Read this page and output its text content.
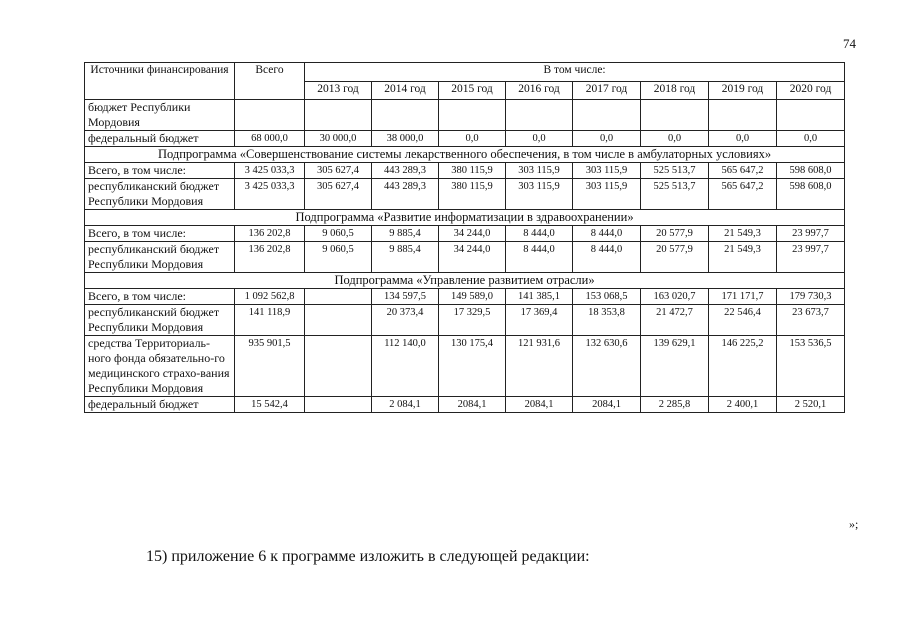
74
Источники финансирования	Всего	В том числе:							
		2013 год	2014 год	2015 год	2016 год	2017 год	2018 год	2019 год	2020 год
бюджет Республики Мордовия									
федеральный бюджет	68 000,0	30 000,0	38 000,0	0,0	0,0	0,0	0,0	0,0	0,0
Подпрограмма «Совершенствование системы лекарственного обеспечения, в том числе в амбулаторных условиях»									
Всего, в том числе:	3 425 033,3	305 627,4	443 289,3	380 115,9	303 115,9	303 115,9	525 513,7	565 647,2	598 608,0
республиканский бюджет Республики Мордовия	3 425 033,3	305 627,4	443 289,3	380 115,9	303 115,9	303 115,9	525 513,7	565 647,2	598 608,0
Подпрограмма «Развитие информатизации в здравоохранении»									
Всего, в том числе:	136 202,8	9 060,5	9 885,4	34 244,0	8 444,0	8 444,0	20 577,9	21 549,3	23 997,7
республиканский бюджет Республики Мордовия	136 202,8	9 060,5	9 885,4	34 244,0	8 444,0	8 444,0	20 577,9	21 549,3	23 997,7
Подпрограмма «Управление развитием отрасли»									
Всего, в том числе:	1 092 562,8		134 597,5	149 589,0	141 385,1	153 068,5	163 020,7	171 171,7	179 730,3
республиканский бюджет Республики Мордовия	141 118,9		20 373,4	17 329,5	17 369,4	18 353,8	21 472,7	22 546,4	23 673,7
средства Территориаль-ного фонда обязательно-го медицинского страхо-вания Республики Мордовия	935 901,5		112 140,0	130 175,4	121 931,6	132 630,6	139 629,1	146 225,2	153 536,5
федеральный бюджет	15 542,4		2 084,1	2084,1	2084,1	2084,1	2 285,8	2 400,1	2 520,1
»;
15) приложение 6 к программе изложить в следующей редакции:
